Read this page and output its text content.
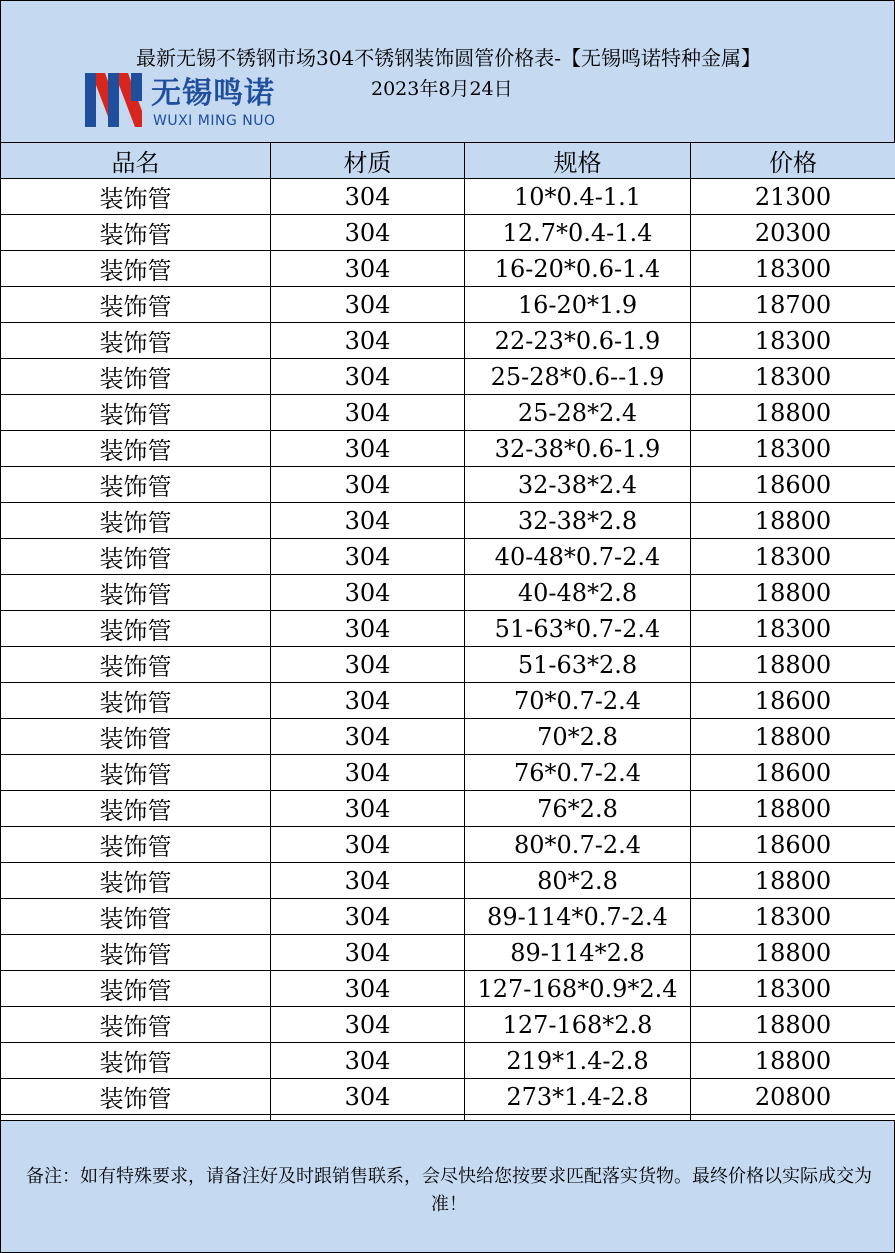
最新无锡不锈钢市场304不锈钢装饰圆管价格表-【无锡鸣诺特种金属】
无锡鸣诺
WUXI MING NUO
2023年8月24日
品名	材质	规格	价格
装饰管	304	10*0.4-1.1	21300
装饰管	304	12.7*0.4-1.4	20300
装饰管	304	16-20*0.6-1.4	18300
装饰管	304	16-20*1.9	18700
装饰管	304	22-23*0.6-1.9	18300
装饰管	304	25-28*0.6--1.9	18300
装饰管	304	25-28*2.4	18800
装饰管	304	32-38*0.6-1.9	18300
装饰管	304	32-38*2.4	18600
装饰管	304	32-38*2.8	18800
装饰管	304	40-48*0.7-2.4	18300
装饰管	304	40-48*2.8	18800
装饰管	304	51-63*0.7-2.4	18300
装饰管	304	51-63*2.8	18800
装饰管	304	70*0.7-2.4	18600
装饰管	304	70*2.8	18800
装饰管	304	76*0.7-2.4	18600
装饰管	304	76*2.8	18800
装饰管	304	80*0.7-2.4	18600
装饰管	304	80*2.8	18800
装饰管	304	89-114*0.7-2.4	18300
装饰管	304	89-114*2.8	18800
装饰管	304	127-168*0.9*2.4	18300
装饰管	304	127-168*2.8	18800
装饰管	304	219*1.4-2.8	18800
装饰管	304	273*1.4-2.8	20800

备注：如有特殊要求，请备注好及时跟销售联系，会尽快给您按要求匹配落实货物。最终价格以实际成交为准！
